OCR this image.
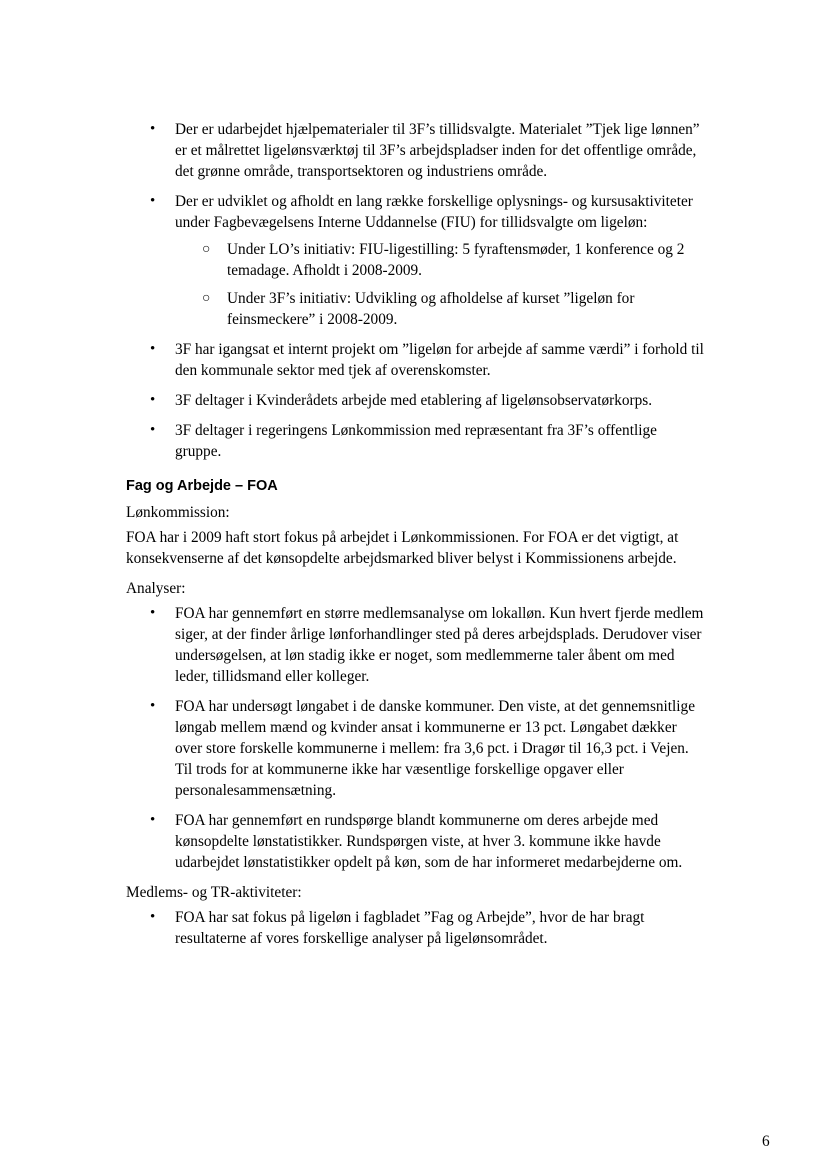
• Der er udarbejdet hjælpematerialer til 3F’s tillidsvalgte. Materialet ”Tjek lige lønnen” er et målrettet ligelønsværktøj til 3F’s arbejdspladser inden for det offentlige område, det grønne område, transportsektoren og industriens område.
• Der er udviklet og afholdt en lang række forskellige oplysnings- og kursusaktiviteter under Fagbevægelsens Interne Uddannelse (FIU) for tillidsvalgte om ligeløn:
○ Under LO’s initiativ: FIU-ligestilling: 5 fyraftensmøder, 1 konference og 2 temadage. Afholdt i 2008-2009.
○ Under 3F’s initiativ: Udvikling og afholdelse af kurset ”ligeløn for feinsmeckere” i 2008-2009.
• 3F har igangsat et internt projekt om ”ligeløn for arbejde af samme værdi” i forhold til den kommunale sektor med tjek af overenskomster.
• 3F deltager i Kvinderådets arbejde med etablering af ligelønsobservatørkorps.
• 3F deltager i regeringens Lønkommission med repræsentant fra 3F’s offentlige gruppe.
Fag og Arbejde – FOA

Lønkommission:

FOA har i 2009 haft stort fokus på arbejdet i Lønkommissionen. For FOA er det vigtigt, at konsekvenserne af det kønsopdelte arbejdsmarked bliver belyst i Kommissionens arbejde.

Analyser:

• FOA har gennemført en større medlemsanalyse om lokalløn. Kun hvert fjerde medlem siger, at der finder årlige lønforhandlinger sted på deres arbejdsplads. Derudover viser undersøgelsen, at løn stadig ikke er noget, som medlemmerne taler åbent om med leder, tillidsmand eller kolleger.
• FOA har undersøgt løngabet i de danske kommuner. Den viste, at det gennemsnitlige løngab mellem mænd og kvinder ansat i kommunerne er 13 pct. Løngabet dækker over store forskelle kommunerne i mellem: fra 3,6 pct. i Dragør til 16,3 pct. i Vejen. Til trods for at kommunerne ikke har væsentlige forskellige opgaver eller personalesammensætning.
• FOA har gennemført en rundspørge blandt kommunerne om deres arbejde med kønsopdelte lønstatistikker. Rundspørgen viste, at hver 3. kommune ikke havde udarbejdet lønstatistikker opdelt på køn, som de har informeret medarbejderne om.

Medlems- og TR-aktiviteter:

• FOA har sat fokus på ligeløn i fagbladet ”Fag og Arbejde”, hvor de har bragt resultaterne af vores forskellige analyser på ligelønsområdet.
6
